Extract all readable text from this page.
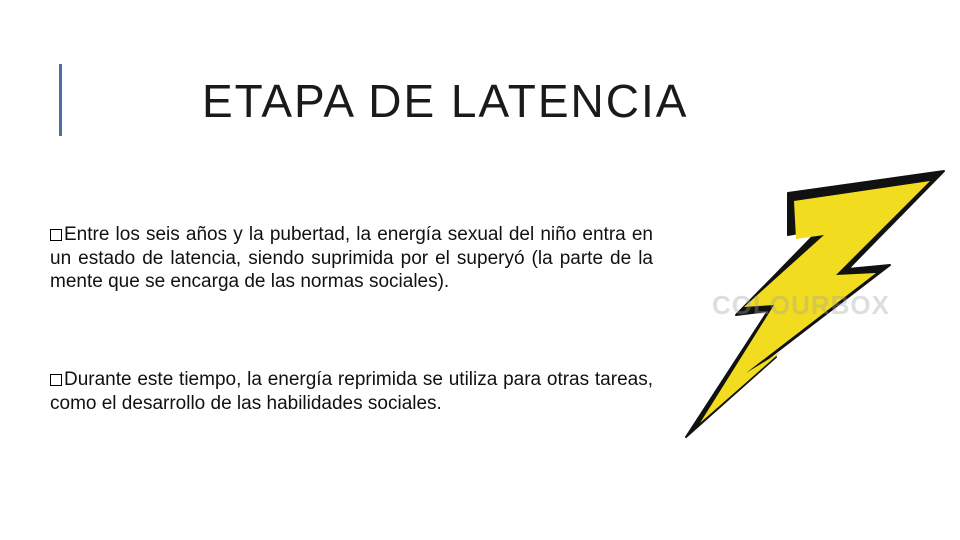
ETAPA DE LATENCIA
Entre los seis años y la pubertad, la energía sexual del niño entra en un estado de latencia, siendo suprimida por el superyó (la parte de la mente que se encarga de las normas sociales).
Durante este tiempo, la energía reprimida se utiliza para otras tareas, como el desarrollo de las habilidades sociales.
COLOURBOX
